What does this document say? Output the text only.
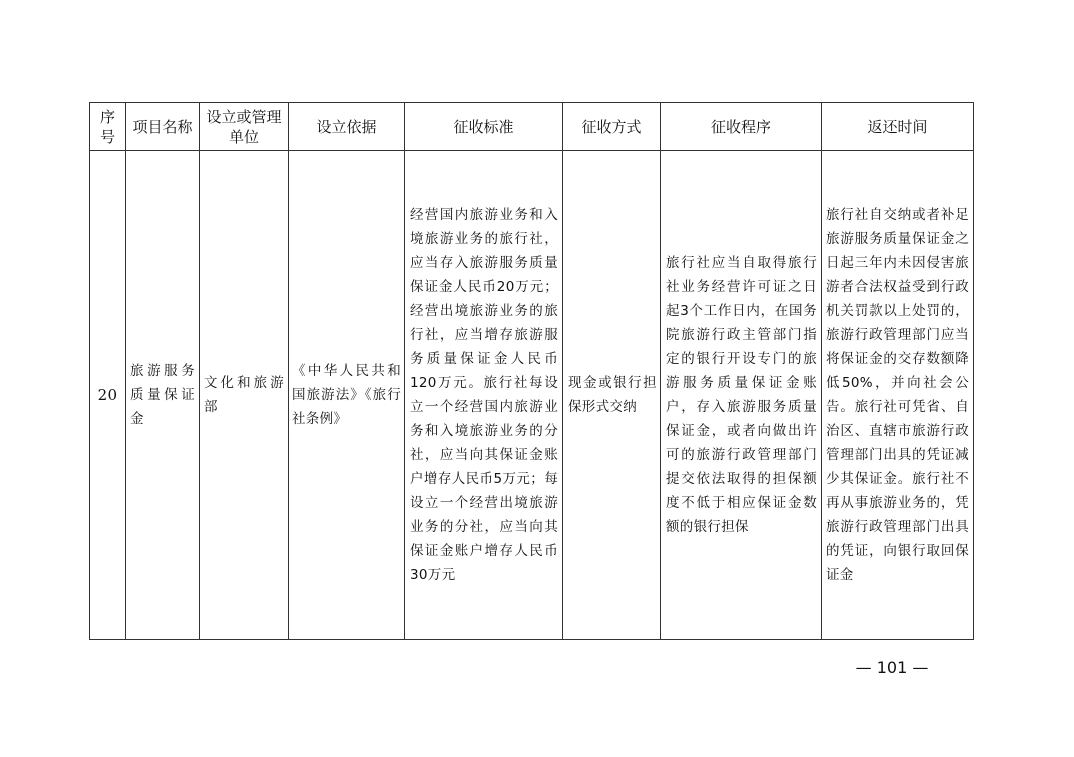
序号	项目名称	设立或管理单位	设立依据	征收标准	征收方式	征收程序	返还时间
20	旅游服务质量保证金	文化和旅游部	《中华人民共和国旅游法》《旅行社条例》	经营国内旅游业务和入境旅游业务的旅行社，应当存入旅游服务质量保证金人民币20万元；经营出境旅游业务的旅行社，应当增存旅游服务质量保证金人民币120万元。旅行社每设立一个经营国内旅游业务和入境旅游业务的分社，应当向其保证金账户增存人民币5万元；每设立一个经营出境旅游业务的分社，应当向其保证金账户增存人民币30万元	现金或银行担保形式交纳	旅行社应当自取得旅行社业务经营许可证之日起3个工作日内，在国务院旅游行政主管部门指定的银行开设专门的旅游服务质量保证金账户，存入旅游服务质量保证金，或者向做出许可的旅游行政管理部门提交依法取得的担保额度不低于相应保证金数额的银行担保	旅行社自交纳或者补足旅游服务质量保证金之日起三年内未因侵害旅游者合法权益受到行政机关罚款以上处罚的，旅游行政管理部门应当将保证金的交存数额降低50%，并向社会公告。旅行社可凭省、自治区、直辖市旅游行政管理部门出具的凭证减少其保证金。旅行社不再从事旅游业务的，凭旅游行政管理部门出具的凭证，向银行取回保证金
— 101 —
